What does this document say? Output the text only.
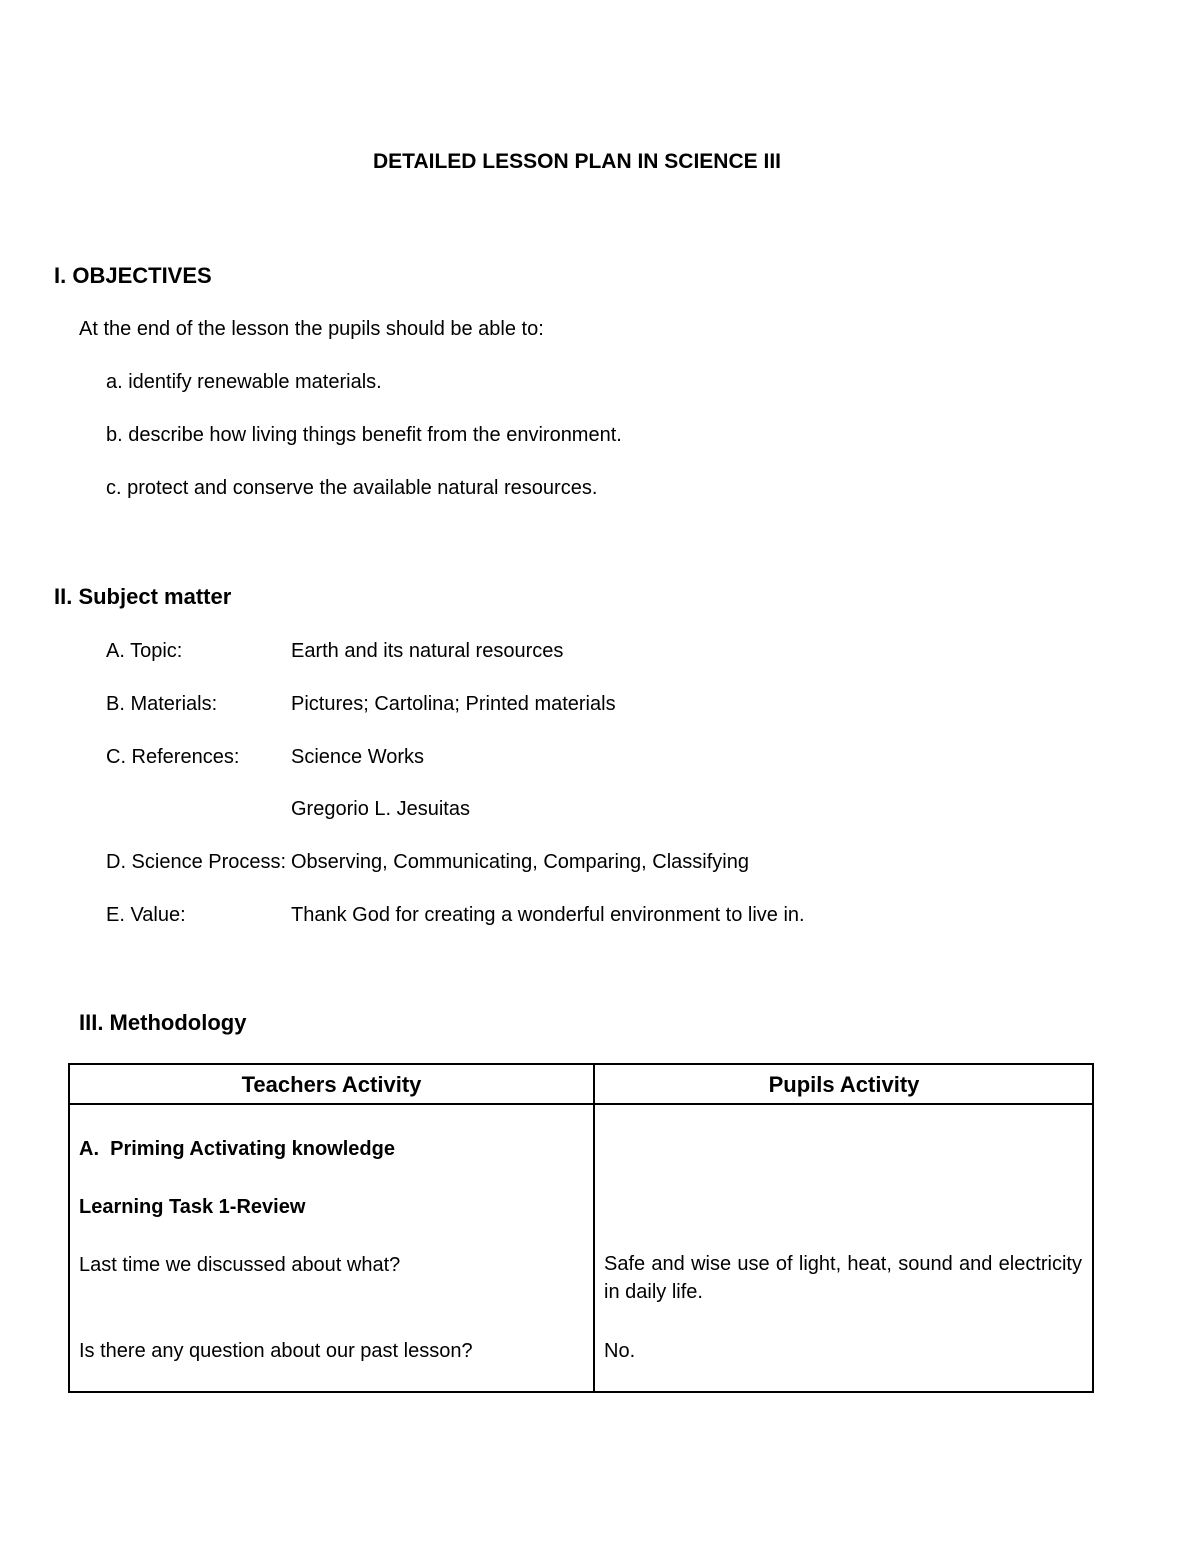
DETAILED LESSON PLAN IN SCIENCE III
I. OBJECTIVES
At the end of the lesson the pupils should be able to:
a. identify renewable materials.
b. describe how living things benefit from the environment.
c. protect and conserve the available natural resources.
II. Subject matter
A. Topic:	Earth and its natural resources
B. Materials:	Pictures; Cartolina; Printed materials
C. References:	Science Works
Gregorio L. Jesuitas
D. Science Process: Observing, Communicating, Comparing, Classifying
E. Value:	Thank God for creating a wonderful environment to live in.
III. Methodology
Teachers Activity	Pupils Activity
A. Priming Activating knowledge
Learning Task 1-Review
Last time we discussed about what?	Safe and wise use of light, heat, sound and electricity in daily life.
Is there any question about our past lesson?	No.
